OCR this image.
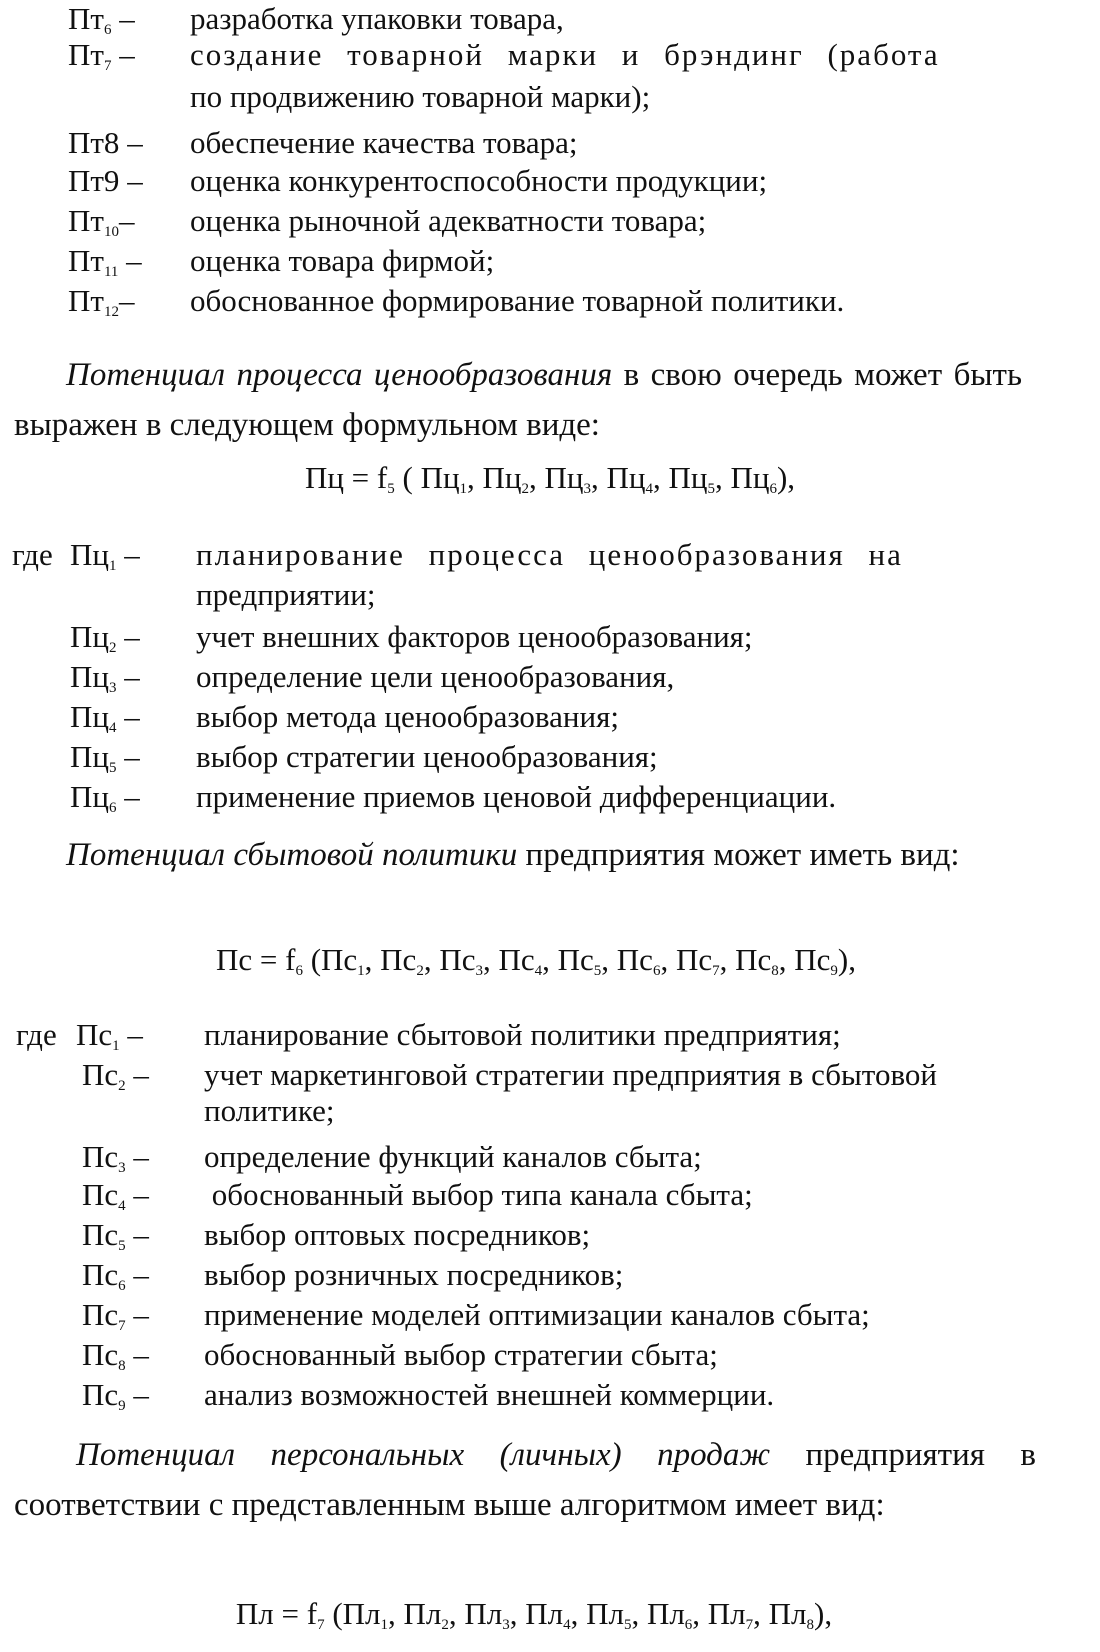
$Пт_6$ – разработка упаковки товара,
$Пт_7$ – создание товарной марки и брэндинг (работа
по продвижению товарной марки);
Пт8 – обеспечение качества товара;
Пт9 – оценка конкурентоспособности продукции;
$Пт_{10}-$ оценка рыночной адекватности товара;
$Пт_{11}$ – оценка товара фирмой;
$Пт_{12}-$ обоснованное формирование товарной политики.
Потенциал процесса ценообразования в свою очередь может быть выражен в следующем формульном виде:
Пц = $f_5$ ( $Пц_1$, $Пц_2$, $Пц_3$, $Пц_4$, $Пц_5$, $Пц_6$),
где $Пц_1$ – планирование процесса ценообразования на
предприятии;
$Пц_2$ – учет внешних факторов ценообразования;
$Пц_3$ – определение цели ценообразования,
$Пц_4$ – выбор метода ценообразования;
$Пц_5$ – выбор стратегии ценообразования;
$Пц_6$ – применение приемов ценовой дифференциации.
Потенциал сбытовой политики предприятия может иметь вид:
Пс = $f_6$ ($Пс_1$, $Пс_2$, $Пс_3$, $Пс_4$, $Пс_5$, $Пс_6$, $Пс_7$, $Пс_8$, $Пс_9$),
где $Пс_1$ – планирование сбытовой политики предприятия;
$Пс_2$ – учет маркетинговой стратегии предприятия в сбытовой
политике;
$Пс_3$ – определение функций каналов сбыта;
$Пс_4$ – обоснованный выбор типа канала сбыта;
$Пс_5$ – выбор оптовых посредников;
$Пс_6$ – выбор розничных посредников;
$Пс_7$ – применение моделей оптимизации каналов сбыта;
$Пс_8$ – обоснованный выбор стратегии сбыта;
$Пс_9$ – анализ возможностей внешней коммерции.
Потенциал персональных (личных) продаж предприятия в соответствии с представленным выше алгоритмом имеет вид:
Пл = $f_7$ ($Пл_1$, $Пл_2$, $Пл_3$, $Пл_4$, $Пл_5$, $Пл_6$, $Пл_7$, $Пл_8$),
